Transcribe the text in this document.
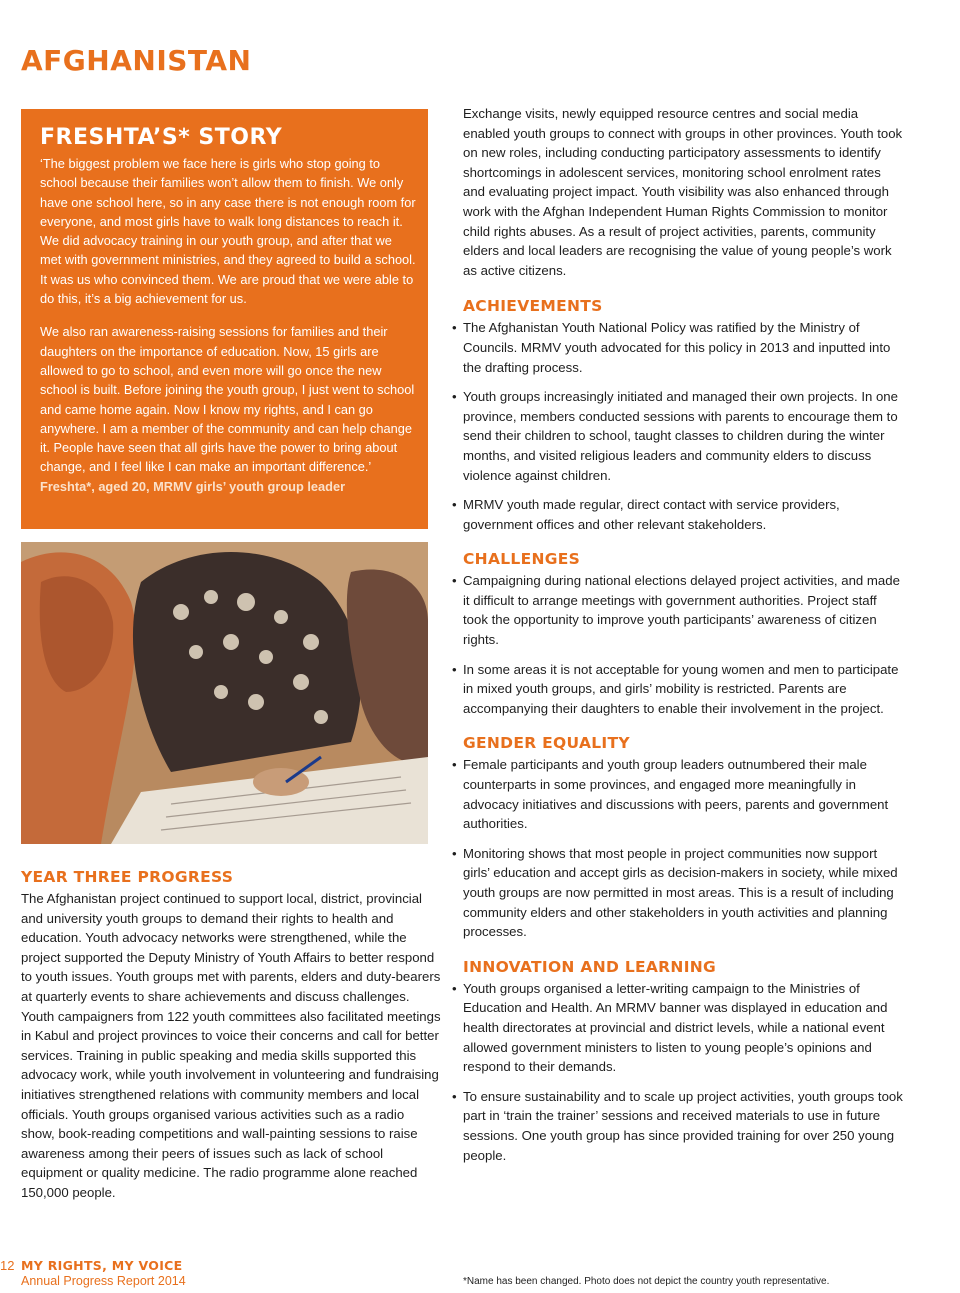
AFGHANISTAN
FRESHTA’S* STORY

‘The biggest problem we face here is girls who stop going to school because their families won’t allow them to finish. We only have one school here, so in any case there is not enough room for everyone, and most girls have to walk long distances to reach it. We did advocacy training in our youth group, and after that we met with government ministries, and they agreed to build a school. It was us who convinced them. We are proud that we were able to do this, it’s a big achievement for us.

We also ran awareness-raising sessions for families and their daughters on the importance of education. Now, 15 girls are allowed to go to school, and even more will go once the new school is built. Before joining the youth group, I just went to school and came home again. Now I know my rights, and I can go anywhere. I am a member of the community and can help change it. People have seen that all girls have the power to bring about change, and I feel like I can make an important difference.’

Freshta*, aged 20, MRMV girls’ youth group leader
YEAR THREE PROGRESS

The Afghanistan project continued to support local, district, provincial and university youth groups to demand their rights to health and education. Youth advocacy networks were strengthened, while the project supported the Deputy Ministry of Youth Affairs to better respond to youth issues. Youth groups met with parents, elders and duty-bearers at quarterly events to share achievements and discuss challenges. Youth campaigners from 122 youth committees also facilitated meetings in Kabul and project provinces to voice their concerns and call for better services. Training in public speaking and media skills supported this advocacy work, while youth involvement in volunteering and fundraising initiatives strengthened relations with community members and local officials. Youth groups organised various activities such as a radio show, book-reading competitions and wall-painting sessions to raise awareness among their peers of issues such as lack of school equipment or quality medicine. The radio programme alone reached 150,000 people.

Exchange visits, newly equipped resource centres and social media enabled youth groups to connect with groups in other provinces. Youth took on new roles, including conducting participatory assessments to identify shortcomings in adolescent services, monitoring school enrolment rates and evaluating project impact. Youth visibility was also enhanced through work with the Afghan Independent Human Rights Commission to monitor child rights abuses. As a result of project activities, parents, community elders and local leaders are recognising the value of young people’s work as active citizens.

ACHIEVEMENTS
• The Afghanistan Youth National Policy was ratified by the Ministry of Councils. MRMV youth advocated for this policy in 2013 and inputted into the drafting process.
• Youth groups increasingly initiated and managed their own projects. In one province, members conducted sessions with parents to encourage them to send their children to school, taught classes to children during the winter months, and visited religious leaders and community elders to discuss violence against children.
• MRMV youth made regular, direct contact with service providers, government offices and other relevant stakeholders.
CHALLENGES
• Campaigning during national elections delayed project activities, and made it difficult to arrange meetings with government authorities. Project staff took the opportunity to improve youth participants’ awareness of citizen rights.
• In some areas it is not acceptable for young women and men to participate in mixed youth groups, and girls’ mobility is restricted. Parents are accompanying their daughters to enable their involvement in the project.
GENDER EQUALITY
• Female participants and youth group leaders outnumbered their male counterparts in some provinces, and engaged more meaningfully in advocacy initiatives and discussions with peers, parents and government authorities.
• Monitoring shows that most people in project communities now support girls’ education and accept girls as decision-makers in society, while mixed youth groups are now permitted in most areas. This is a result of including community elders and other stakeholders in youth activities and planning processes.
INNOVATION AND LEARNING
• Youth groups organised a letter-writing campaign to the Ministries of Education and Health. An MRMV banner was displayed in education and health directorates at provincial and district levels, while a national event allowed government ministers to listen to young people’s opinions and respond to their demands.
• To ensure sustainability and to scale up project activities, youth groups took part in ‘train the trainer’ sessions and received materials to use in future sessions. One youth group has since provided training for over 250 young people.
12 MY RIGHTS, MY VOICE
Annual Progress Report 2014	*Name has been changed. Photo does not depict the country youth representative.
